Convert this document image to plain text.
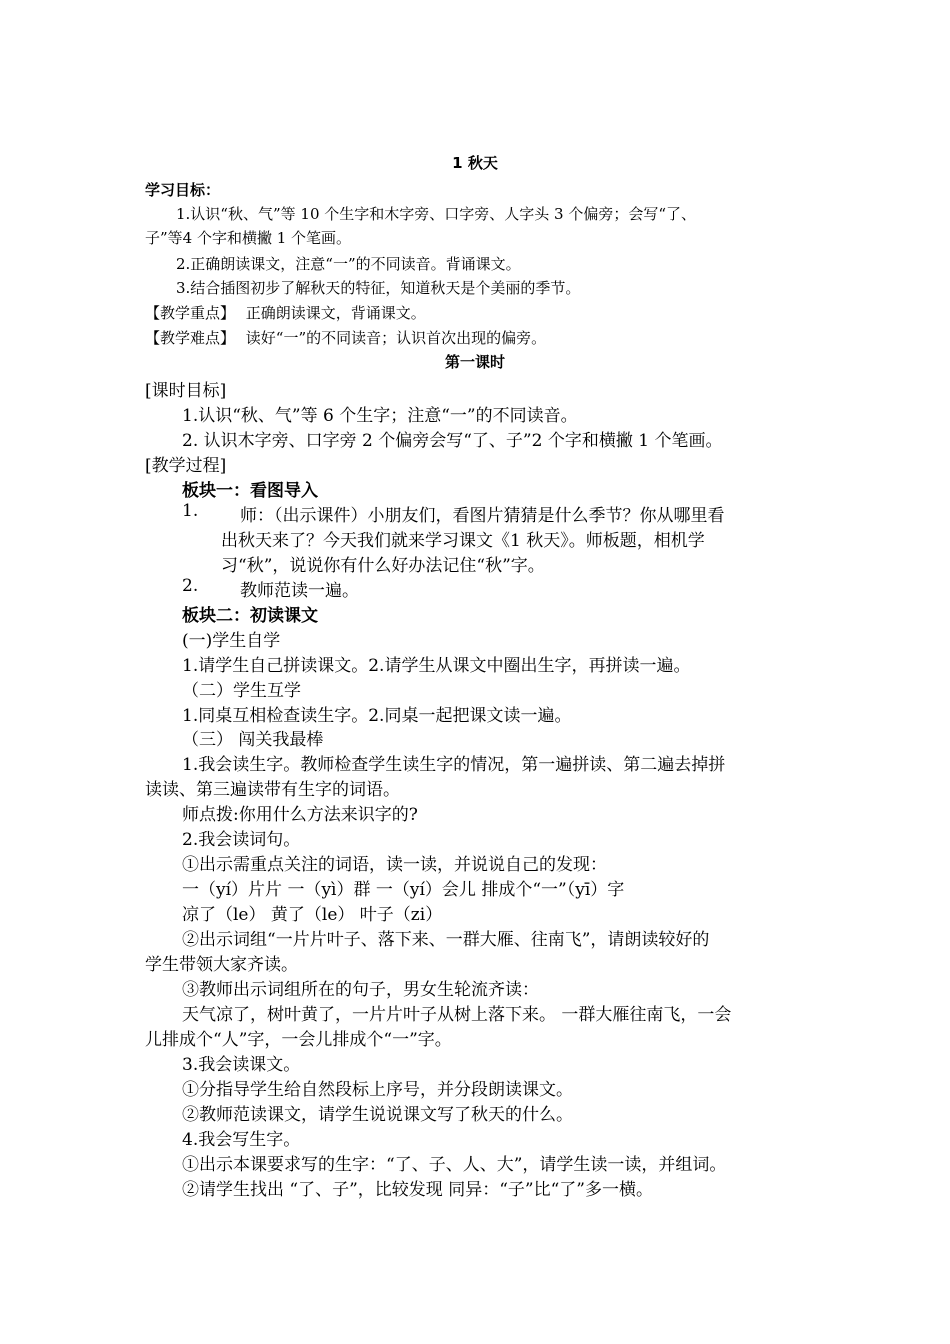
1 秋天
学习目标：
1.认识“秋、气”等 10 个生字和木字旁、口字旁、人字头 3 个偏旁；会写“了、
子”等4 个字和横撇 1 个笔画。
2.正确朗读课文，注意“一”的不同读音。背诵课文。
3.结合插图初步了解秋天的特征，知道秋天是个美丽的季节。
【教学重点】 正确朗读课文，背诵课文。
【教学难点】 读好“一”的不同读音；认识首次出现的偏旁。
第一课时
[课时目标]
1.认识“秋、气”等 6 个生字；注意“一”的不同读音。
2. 认识木字旁、口字旁 2 个偏旁会写“了、子”2 个字和横撇 1 个笔画。
[教学过程]
板块一：看图导入
1. 师：（出示课件）小朋友们，看图片猜猜是什么季节？你从哪里看
出秋天来了？今天我们就来学习课文《1 秋天》。师板题，相机学
习“秋”，说说你有什么好办法记住“秋”字。
2. 教师范读一遍。
板块二：初读课文
(一)学生自学
1.请学生自己拼读课文。2.请学生从课文中圈出生字，再拼读一遍。
（二）学生互学
1.同桌互相检查读生字。2.同桌一起把课文读一遍。
（三） 闯关我最棒
1.我会读生字。教师检查学生读生字的情况，第一遍拼读、第二遍去掉拼
读读、第三遍读带有生字的词语。
师点拨:你用什么方法来识字的?
2.我会读词句。
①出示需重点关注的词语，读一读，并说说自己的发现：
一（yí）片片 一（yì）群 一（yí）会儿 排成个“一”（yī）字
凉了（le） 黄了（le） 叶子（zi）
②出示词组“一片片叶子、落下来、一群大雁、往南飞”，请朗读较好的
学生带领大家齐读。
③教师出示词组所在的句子，男女生轮流齐读：
天气凉了，树叶黄了，一片片叶子从树上落下来。 一群大雁往南飞，一会
儿排成个“人”字，一会儿排成个“一”字。
3.我会读课文。
①分指导学生给自然段标上序号，并分段朗读课文。
②教师范读课文，请学生说说课文写了秋天的什么。
4.我会写生字。
①出示本课要求写的生字：“了、子、人、大”，请学生读一读，并组词。
②请学生找出 “了、子”，比较发现 同异：“子”比“了”多一横。
